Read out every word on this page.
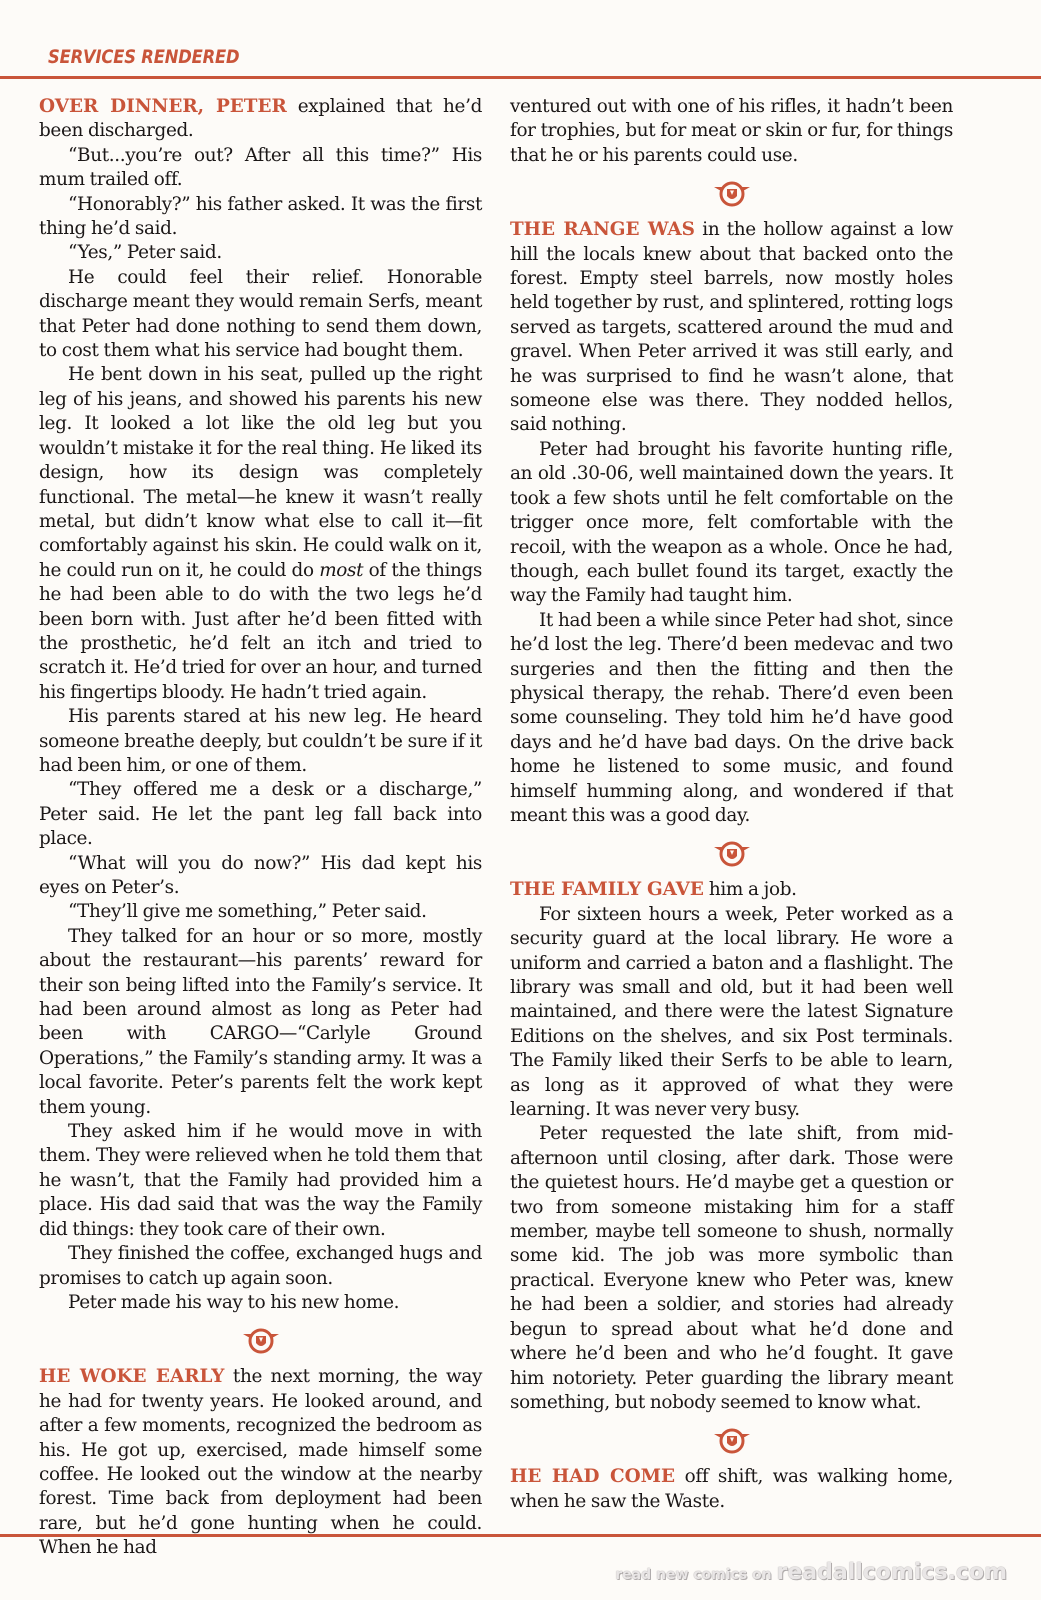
SERVICES RENDERED

OVER DINNER, PETER explained that he’d been discharged.

“But...you’re out? After all this time?” His mum trailed off.

“Honorably?” his father asked. It was the first thing he’d said.

“Yes,” Peter said.

He could feel their relief. Honorable discharge meant they would remain Serfs, meant that Peter had done nothing to send them down, to cost them what his service had bought them.

He bent down in his seat, pulled up the right leg of his jeans, and showed his parents his new leg. It looked a lot like the old leg but you wouldn’t mistake it for the real thing. He liked its design, how its design was completely functional. The metal—he knew it wasn’t really metal, but didn’t know what else to call it—fit comfortably against his skin. He could walk on it, he could run on it, he could do most of the things he had been able to do with the two legs he’d been born with. Just after he’d been fitted with the prosthetic, he’d felt an itch and tried to scratch it. He’d tried for over an hour, and turned his fingertips bloody. He hadn’t tried again.

His parents stared at his new leg. He heard someone breathe deeply, but couldn’t be sure if it had been him, or one of them.

“They offered me a desk or a discharge,” Peter said. He let the pant leg fall back into place.

“What will you do now?” His dad kept his eyes on Peter’s.

“They’ll give me something,” Peter said.

They talked for an hour or so more, mostly about the restaurant—his parents’ reward for their son being lifted into the Family’s service. It had been around almost as long as Peter had been with CARGO—“Carlyle Ground Operations,” the Family’s standing army. It was a local favorite. Peter’s parents felt the work kept them young.

They asked him if he would move in with them. They were relieved when he told them that he wasn’t, that the Family had provided him a place. His dad said that was the way the Family did things: they took care of their own.

They finished the coffee, exchanged hugs and promises to catch up again soon.

Peter made his way to his new home.

HE WOKE EARLY the next morning, the way he had for twenty years. He looked around, and after a few moments, recognized the bedroom as his. He got up, exercised, made himself some coffee. He looked out the window at the nearby forest. Time back from deployment had been rare, but he’d gone hunting when he could. When he had

ventured out with one of his rifles, it hadn’t been for trophies, but for meat or skin or fur, for things that he or his parents could use.

THE RANGE WAS in the hollow against a low hill the locals knew about that backed onto the forest. Empty steel barrels, now mostly holes held together by rust, and splintered, rotting logs served as targets, scattered around the mud and gravel. When Peter arrived it was still early, and he was surprised to find he wasn’t alone, that someone else was there. They nodded hellos, said nothing.

Peter had brought his favorite hunting rifle, an old .30-06, well maintained down the years. It took a few shots until he felt comfortable on the trigger once more, felt comfortable with the recoil, with the weapon as a whole. Once he had, though, each bullet found its target, exactly the way the Family had taught him.

It had been a while since Peter had shot, since he’d lost the leg. There’d been medevac and two surgeries and then the fitting and then the physical therapy, the rehab. There’d even been some counseling. They told him he’d have good days and he’d have bad days. On the drive back home he listened to some music, and found himself humming along, and wondered if that meant this was a good day.

THE FAMILY GAVE him a job.

For sixteen hours a week, Peter worked as a security guard at the local library. He wore a uniform and carried a baton and a flashlight. The library was small and old, but it had been well maintained, and there were the latest Signature Editions on the shelves, and six Post terminals. The Family liked their Serfs to be able to learn, as long as it approved of what they were learning. It was never very busy.

Peter requested the late shift, from mid-afternoon until closing, after dark. Those were the quietest hours. He’d maybe get a question or two from someone mistaking him for a staff member, maybe tell someone to shush, normally some kid. The job was more symbolic than practical. Everyone knew who Peter was, knew he had been a soldier, and stories had already begun to spread about what he’d done and where he’d been and who he’d fought. It gave him notoriety. Peter guarding the library meant something, but nobody seemed to know what.

HE HAD COME off shift, was walking home, when he saw the Waste.

read new comics on readallcomics.com
